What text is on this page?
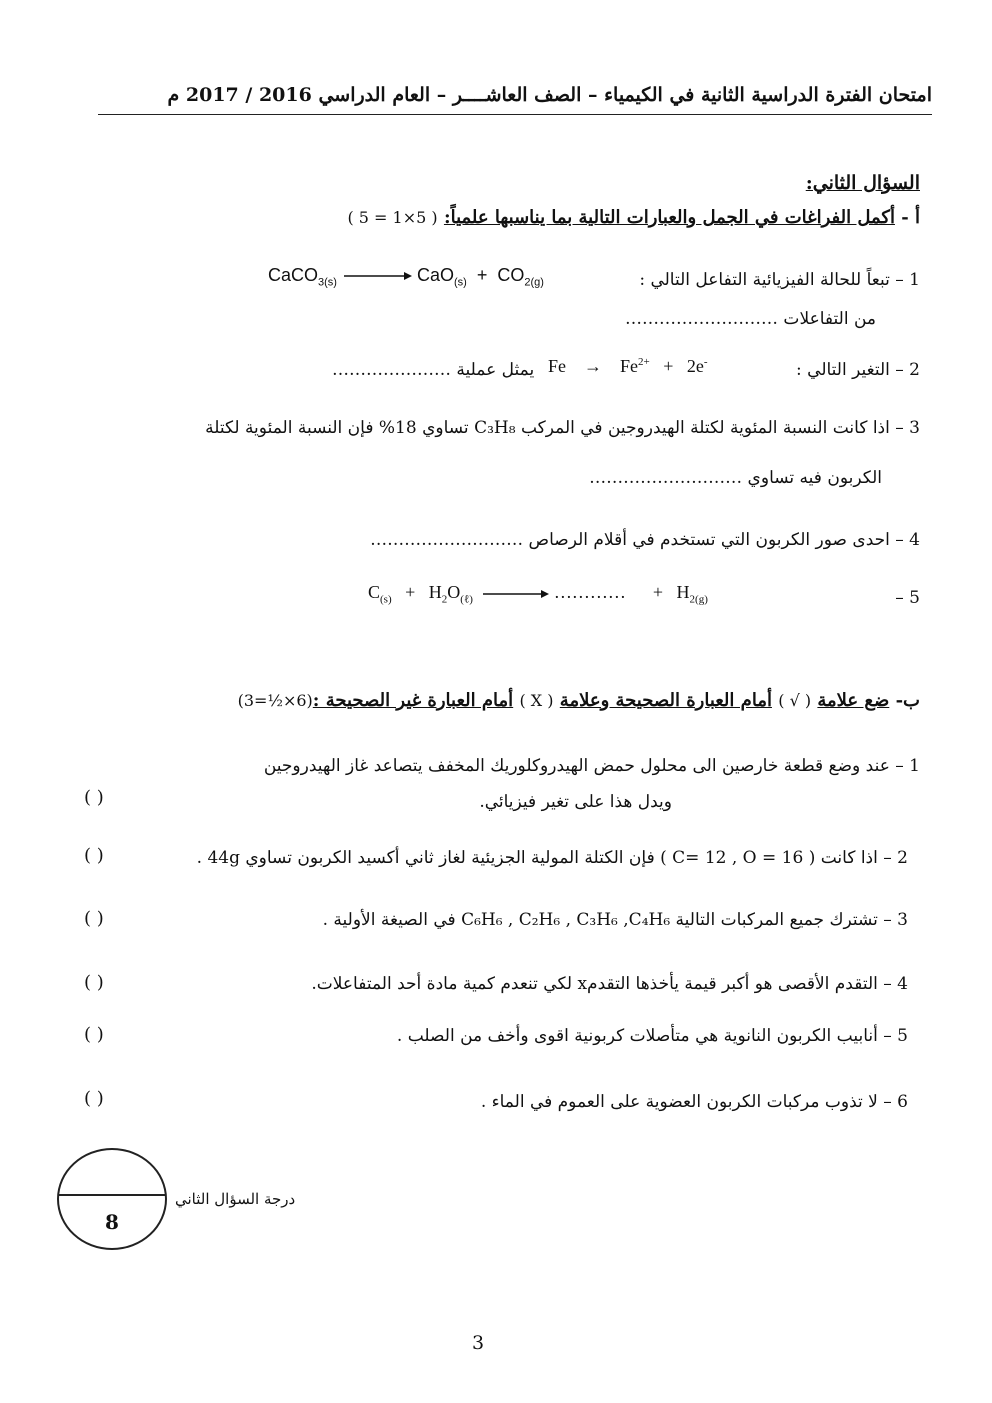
امتحان الفترة الدراسية الثانية في الكيمياء – الصف العاشــــر – العام الدراسي 2016 / 2017 م
السؤال الثاني:
أ - أكمل الفراغات في الجمل والعبارات التالية بما يناسبها علمياً: ( 5×1 = 5 )
1 – تبعاً للحالة الفيزيائية التفاعل التالي :
CaCO$_{3(s)}$ → $CaO_{(s)} + CO_{2(g)}$
من التفاعلات ………………………
2 – التغير التالي :
$Fe \to Fe^{2+} + 2e^-$
يمثل عملية …………………
3 – اذا كانت النسبة المئوية لكتلة الهيدروجين في المركب C₃H₈ تساوي 18% فإن النسبة المئوية لكتلة
الكربون فيه تساوي ………………………
4 – احدى صور الكربون التي تستخدم في أقلام الرصاص ………………………
5 –
$C_{(s)} + H_2O_{(\ell)}$ → ………… + $H_{2(g)}$
ب- ضع علامة ( √ ) أمام العبارة الصحيحة وعلامة ( X ) أمام العبارة غير الصحيحة :(6×½=3)
1 – عند وضع قطعة خارصين الى محلول حمض الهيدروكلوريك المخفف يتصاعد غاز الهيدروجين
ويدل هذا على تغير فيزيائي.
( )
2 – اذا كانت ( C= 12 , O = 16 ) فإن الكتلة المولية الجزيئية لغاز ثاني أكسيد الكربون تساوي 44g .
( )
3 – تشترك جميع المركبات التالية C₆H₆ , C₂H₆ , C₃H₆ ,C₄H₆ في الصيغة الأولية .
( )
4 – التقدم الأقصى هو أكبر قيمة يأخذها التقدمx لكي تنعدم كمية مادة أحد المتفاعلات.
( )
5 – أنابيب الكربون النانوية هي متأصلات كربونية اقوى وأخف من الصلب .
( )
6 – لا تذوب مركبات الكربون العضوية على العموم في الماء .
( )
8
درجة السؤال الثاني
3
